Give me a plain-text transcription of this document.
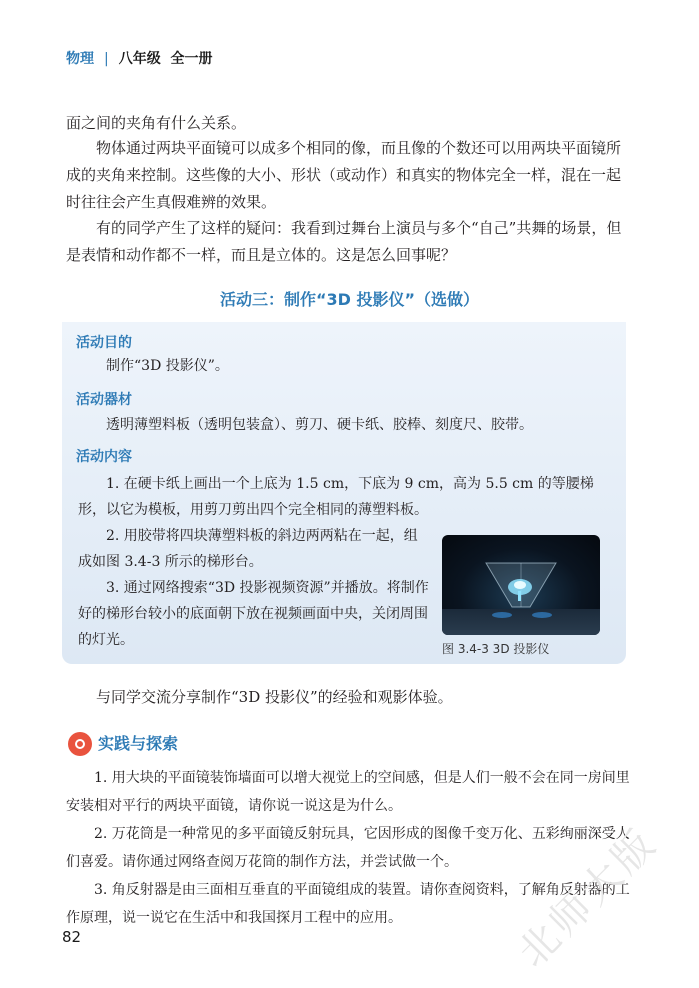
物理 | 八年级 全一册

面之间的夹角有什么关系。

物体通过两块平面镜可以成多个相同的像，而且像的个数还可以用两块平面镜所成的夹角来控制。这些像的大小、形状（或动作）和真实的物体完全一样，混在一起时往往会产生真假难辨的效果。

有的同学产生了这样的疑问：我看到过舞台上演员与多个“自己”共舞的场景，但是表情和动作都不一样，而且是立体的。这是怎么回事呢？

活动三：制作“3D 投影仪”（选做）
活动目的

制作“3D 投影仪”。

活动器材

透明薄塑料板（透明包装盒）、剪刀、硬卡纸、胶棒、刻度尺、胶带。

活动内容

1. 在硬卡纸上画出一个上底为 1.5 cm，下底为 9 cm，高为 5.5 cm 的等腰梯形，以它为模板，用剪刀剪出四个完全相同的薄塑料板。

2. 用胶带将四块薄塑料板的斜边两两粘在一起，组成如图 3.4-3 所示的梯形台。

3. 通过网络搜索“3D 投影视频资源”并播放。将制作好的梯形台较小的底面朝下放在视频画面中央，关闭周围的灯光。

图 3.4-3 3D 投影仪

与同学交流分享制作“3D 投影仪”的经验和观影体验。

实践与探索

1. 用大块的平面镜装饰墙面可以增大视觉上的空间感，但是人们一般不会在同一房间里安装相对平行的两块平面镜，请你说一说这是为什么。

2. 万花筒是一种常见的多平面镜反射玩具，它因形成的图像千变万化、五彩绚丽深受人们喜爱。请你通过网络查阅万花筒的制作方法，并尝试做一个。

3. 角反射器是由三面相互垂直的平面镜组成的装置。请你查阅资料，了解角反射器的工作原理，说一说它在生活中和我国探月工程中的应用。

82	北师大版
